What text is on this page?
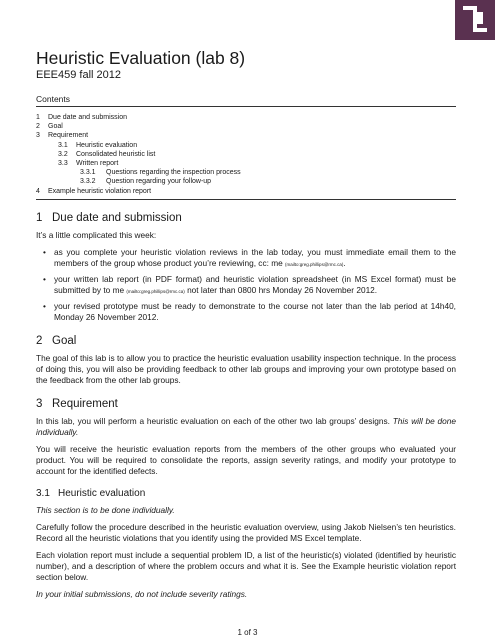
Heuristic Evaluation (lab 8)
EEE459 fall 2012
Contents
1	Due date and submission
2	Goal
3	Requirement
3.1	Heuristic evaluation
3.2	Consolidated heuristic list
3.3	Written report
3.3.1	Questions regarding the inspection process
3.3.2	Question regarding your follow-up
4	Example heuristic violation report
1 Due date and submission

It’s a little complicated this week:

• as you complete your heuristic violation reviews in the lab today, you must immediate email them to the members of the group whose product you’re reviewing, cc: me (mailto:greg.phillips@rmc.ca).
• your written lab report (in PDF format) and heuristic violation spreadsheet (in MS Excel format) must be submitted by to me (mailto:greg.phillips@rmc.ca) not later than 0800 hrs Monday 26 November 2012.
• your revised prototype must be ready to demonstrate to the course not later than the lab period at 14h40, Monday 26 November 2012.
2 Goal

The goal of this lab is to allow you to practice the heuristic evaluation usability inspection technique. In the process of doing this, you will also be providing feedback to other lab groups and improving your own prototype based on the feedback from the other lab groups.

3 Requirement

In this lab, you will perform a heuristic evaluation on each of the other two lab groups’ designs. This will be done individually.

You will receive the heuristic evaluation reports from the members of the other groups who evaluated your product. You will be required to consolidate the reports, assign severity ratings, and modify your prototype to account for the identified defects.

3.1 Heuristic evaluation

This section is to be done individually.

Carefully follow the procedure described in the heuristic evaluation overview, using Jakob Nielsen’s ten heuristics. Record all the heuristic violations that you identify using the provided MS Excel template.

Each violation report must include a sequential problem ID, a list of the heuristic(s) violated (identified by heuristic number), and a description of where the problem occurs and what it is. See the Example heuristic violation report section below.

In your initial submissions, do not include severity ratings.

1 of 3
